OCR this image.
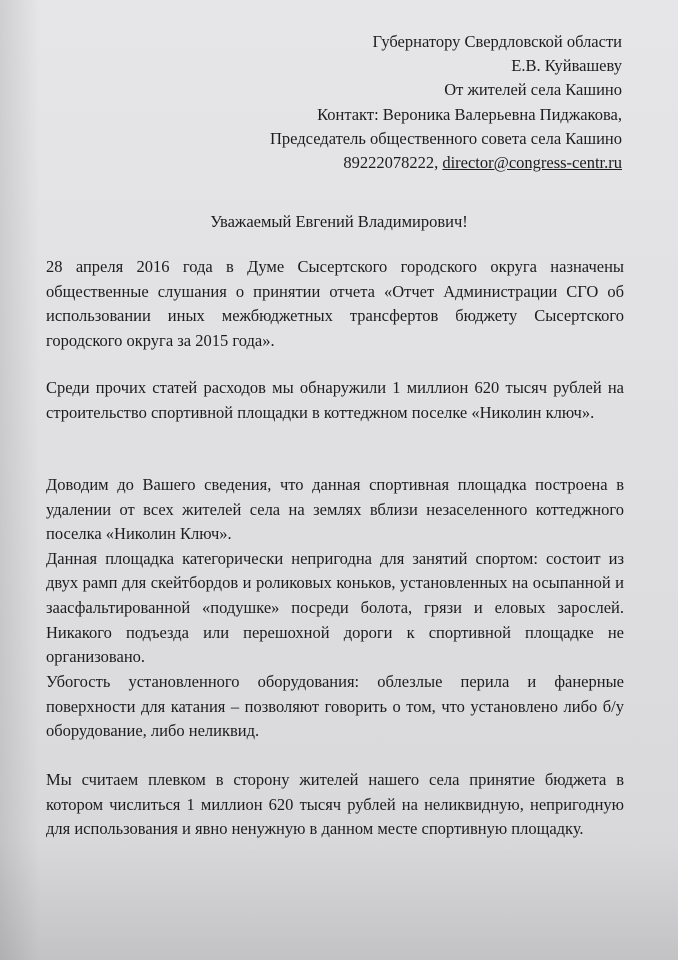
Губернатору Свердловской области
Е.В. Куйвашеву
От жителей села Кашино
Контакт: Вероника Валерьевна Пиджакова,
Председатель общественного совета села Кашино
89222078222, director@congress-centr.ru
Уважаемый Евгений Владимирович!
28 апреля 2016 года в Думе Сысертского городского округа назначены общественные слушания о принятии отчета «Отчет Администрации СГО об использовании иных межбюджетных трансфертов бюджету Сысертского городского округа за 2015 года».
Среди прочих статей расходов мы обнаружили 1 миллион 620 тысяч рублей на строительство спортивной площадки в коттеджном поселке «Николин ключ».
Доводим до Вашего сведения, что данная спортивная площадка построена в удалении от всех жителей села на землях вблизи незаселенного коттеджного поселка «Николин Ключ».
Данная площадка категорически непригодна для занятий спортом: состоит из двух рамп для скейтбордов и роликовых коньков, установленных на осыпанной и заасфальтированной «подушке» посреди болота, грязи и еловых зарослей. Никакого подъезда или перешохной дороги к спортивной площадке не организовано.
Убогость установленного оборудования: облезлые перила и фанерные поверхности для катания – позволяют говорить о том, что установлено либо б/у оборудование, либо неликвид.
Мы считаем плевком в сторону жителей нашего села принятие бюджета в котором числиться 1 миллион 620 тысяч рублей на неликвидную, непригодную для использования и явно ненужную в данном месте спортивную площадку.
